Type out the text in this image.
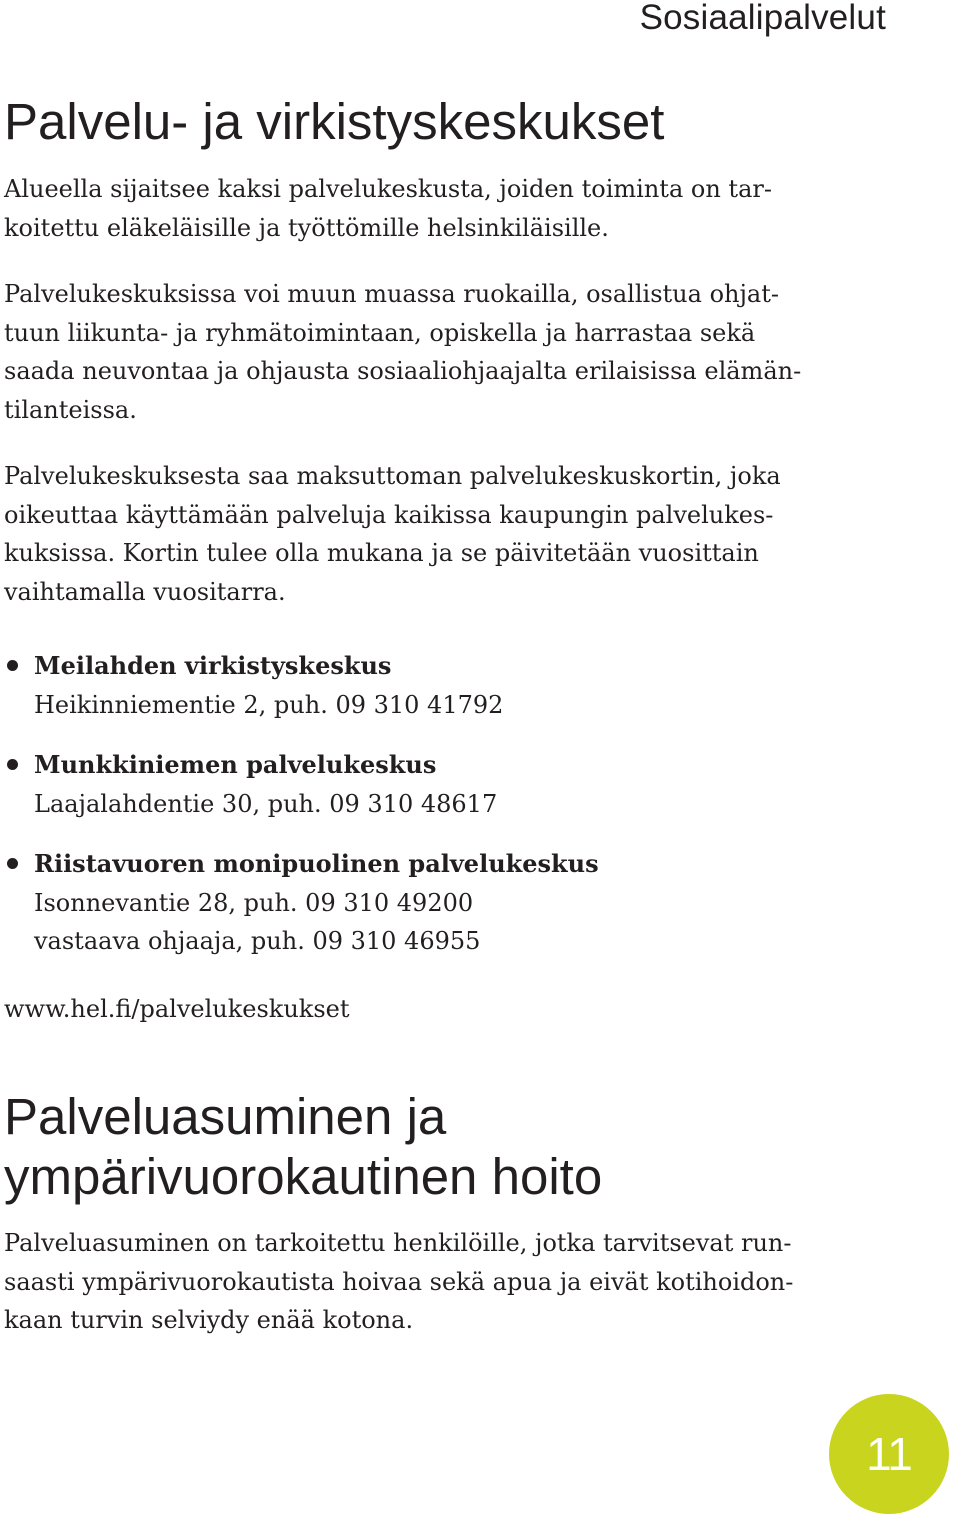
Sosiaalipalvelut
Palvelu- ja virkistyskeskukset

Alueella sijaitsee kaksi palvelukeskusta, joiden toiminta on tar-
koitettu eläkeläisille ja työttömille helsinkiläisille.

Palvelukeskuksissa voi muun muassa ruokailla, osallistua ohjat-
tuun liikunta- ja ryhmätoimintaan, opiskella ja harrastaa sekä
saada neuvontaa ja ohjausta sosiaaliohjaajalta erilaisissa elämän-
tilanteissa.

Palvelukeskuksesta saa maksuttoman palvelukeskuskortin, joka
oikeuttaa käyttämään palveluja kaikissa kaupungin palvelukes-
kuksissa. Kortin tulee olla mukana ja se päivitetään vuosittain
vaihtamalla vuositarra.

Meilahden virkistyskeskus
Heikinniementie 2, puh. 09 310 41792
Munkkiniemen palvelukeskus
Laajalahdentie 30, puh. 09 310 48617
Riistavuoren monipuolinen palvelukeskus
Isonnevantie 28, puh. 09 310 49200
vastaava ohjaaja, puh. 09 310 46955
www.hel.fi/palvelukeskukset
Palveluasuminen ja
ympärivuorokautinen hoito

Palveluasuminen on tarkoitettu henkilöille, jotka tarvitsevat run-
saasti ympärivuorokautista hoivaa sekä apua ja eivät kotihoidon-
kaan turvin selviydy enää kotona.

11
